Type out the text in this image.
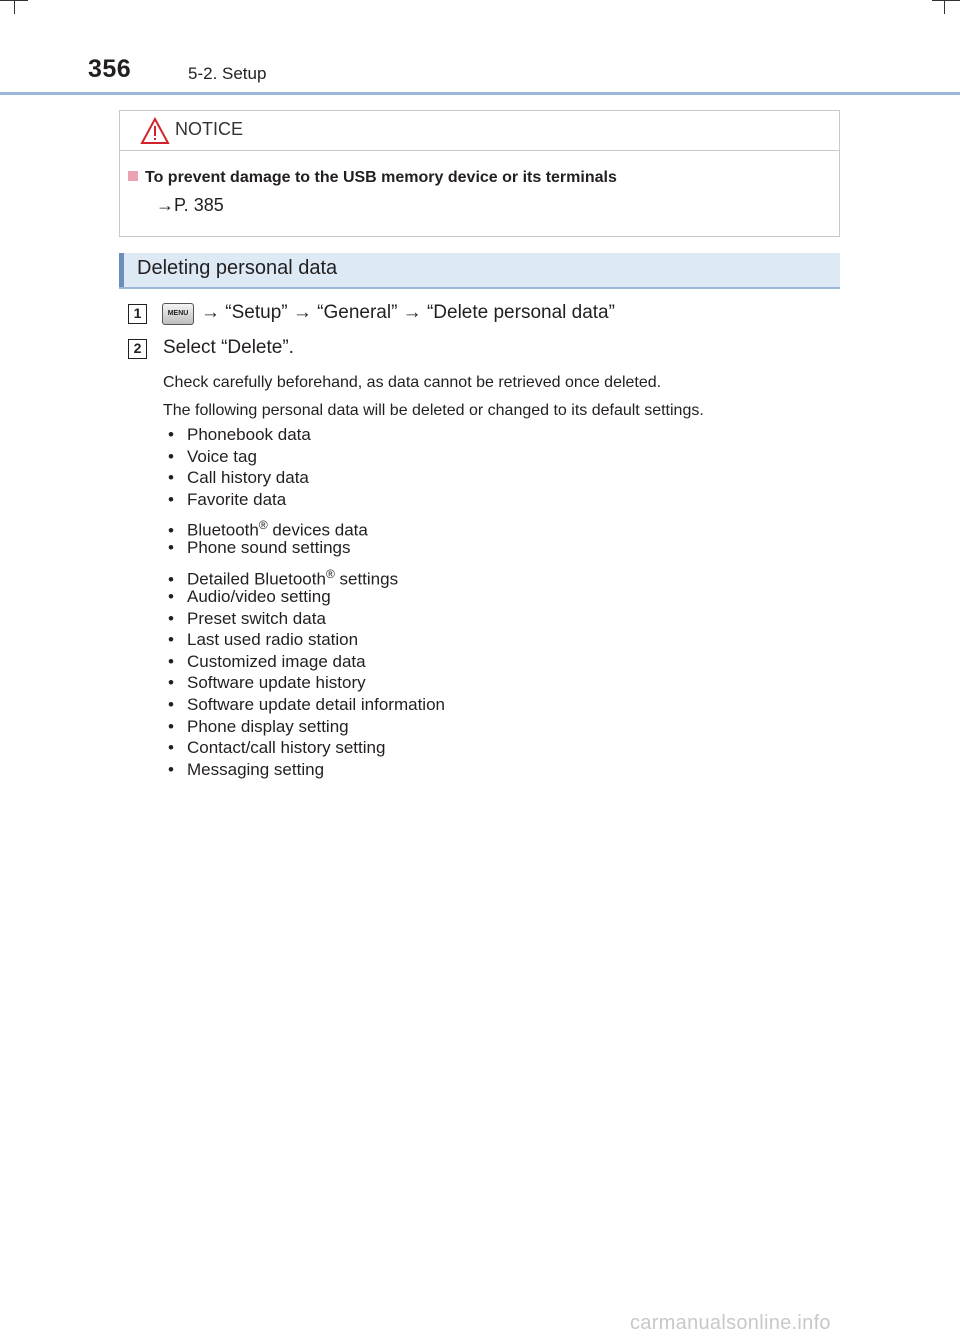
356	5-2. Setup
NOTICE
To prevent damage to the USB memory device or its terminals
→P. 385
Deleting personal data
1	MENU → “Setup” → “General” → “Delete personal data”
2 Select “Delete”.
Check carefully beforehand, as data cannot be retrieved once deleted.
The following personal data will be deleted or changed to its default settings.
• Phonebook data
• Voice tag
• Call history data
• Favorite data
• Bluetooth® devices data
• Phone sound settings
• Detailed Bluetooth® settings
• Audio/video setting
• Preset switch data
• Last used radio station
• Customized image data
• Software update history
• Software update detail information
• Phone display setting
• Contact/call history setting
• Messaging setting
carmanualsonline.info
